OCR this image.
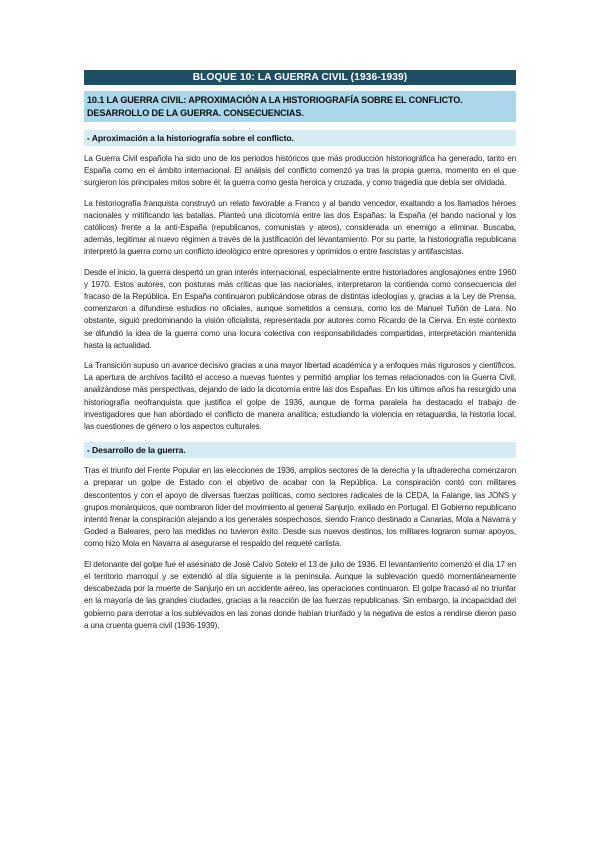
BLOQUE 10: LA GUERRA CIVIL (1936-1939)
10.1 LA GUERRA CIVIL: APROXIMACIÓN A LA HISTORIOGRAFÍA SOBRE EL CONFLICTO. DESARROLLO DE LA GUERRA. CONSECUENCIAS.
- Aproximación a la historiografía sobre el conflicto.

La Guerra Civil española ha sido uno de los periodos históricos que más producción historiográfica ha generado, tanto en España como en el ámbito internacional. El análisis del conflicto comenzó ya tras la propia guerra, momento en el que surgieron los principales mitos sobre él: la guerra como gesta heroica y cruzada, y como tragedia que debía ser olvidada.

La historiografía franquista construyó un relato favorable a Franco y al bando vencedor, exaltando a los llamados héroes nacionales y mitificando las batallas. Planteó una dicotomía entre las dos Españas: la España (el bando nacional y los católicos) frente a la anti-España (republicanos, comunistas y ateos), considerada un enemigo a eliminar. Buscaba, además, legitimar al nuevo régimen a través de la justificación del levantamiento. Por su parte, la historiografía republicana interpretó la guerra como un conflicto ideológico entre opresores y oprimidos o entre fascistas y antifascistas.

Desde el inicio, la guerra despertó un gran interés internacional, especialmente entre historiadores anglosajones entre 1960 y 1970. Estos autores, con posturas más críticas que las nacionales, interpretaron la contienda como consecuencia del fracaso de la República. En España continuaron publicándose obras de distintas ideologías y, gracias a la Ley de Prensa, comenzaron a difundirse estudios no oficiales, aunque sometidos a censura, como los de Manuel Tuñón de Lara. No obstante, siguió predominando la visión oficialista, representada por autores como Ricardo de la Cierva. En este contexto se difundió la idea de la guerra como una locura colectiva con responsabilidades compartidas, interpretación mantenida hasta la actualidad.

La Transición supuso un avance decisivo gracias a una mayor libertad académica y a enfoques más rigurosos y científicos. La apertura de archivos facilitó el acceso a nuevas fuentes y permitió ampliar los temas relacionados con la Guerra Civil, analizándose más perspectivas, dejando de lado la dicotomía entre las dos Españas. En los últimos años ha resurgido una historiografía neofranquista que justifica el golpe de 1936, aunque de forma paralela ha destacado el trabajo de investigadores que han abordado el conflicto de manera analítica, estudiando la violencia en retaguardia, la historia local, las cuestiones de género o los aspectos culturales.

- Desarrollo de la guerra.

Tras el triunfo del Frente Popular en las elecciones de 1936, amplios sectores de la derecha y la ultraderecha comenzaron a preparar un golpe de Estado con el objetivo de acabar con la República. La conspiración contó con militares descontentos y con el apoyo de diversas fuerzas políticas, como sectores radicales de la CEDA, la Falange, las JONS y grupos monárquicos, que nombraron líder del movimiento al general Sanjurjo, exiliado en Portugal. El Gobierno republicano intentó frenar la conspiración alejando a los generales sospechosos, siendo Franco destinado a Canarias, Mola a Navarra y Goded a Baleares, pero las medidas no tuvieron éxito. Desde sus nuevos destinos, los militares lograron sumar apoyos, como hizo Mola en Navarra al asegurarse el respaldo del requeté carlista.

El detonante del golpe fue el asesinato de José Calvo Sotelo el 13 de julio de 1936. El levantamiento comenzó el día 17 en el territorio marroquí y se extendió al día siguiente a la península. Aunque la sublevación quedó momentáneamente descabezada por la muerte de Sanjurjo en un accidente aéreo, las operaciones continuaron. El golpe fracasó al no triunfar en la mayoría de las grandes ciudades, gracias a la reacción de las fuerzas republicanas. Sin embargo, la incapacidad del gobierno para derrotar a los sublevados en las zonas donde habían triunfado y la negativa de estos a rendirse dieron paso a una cruenta guerra civil (1936-1939).
